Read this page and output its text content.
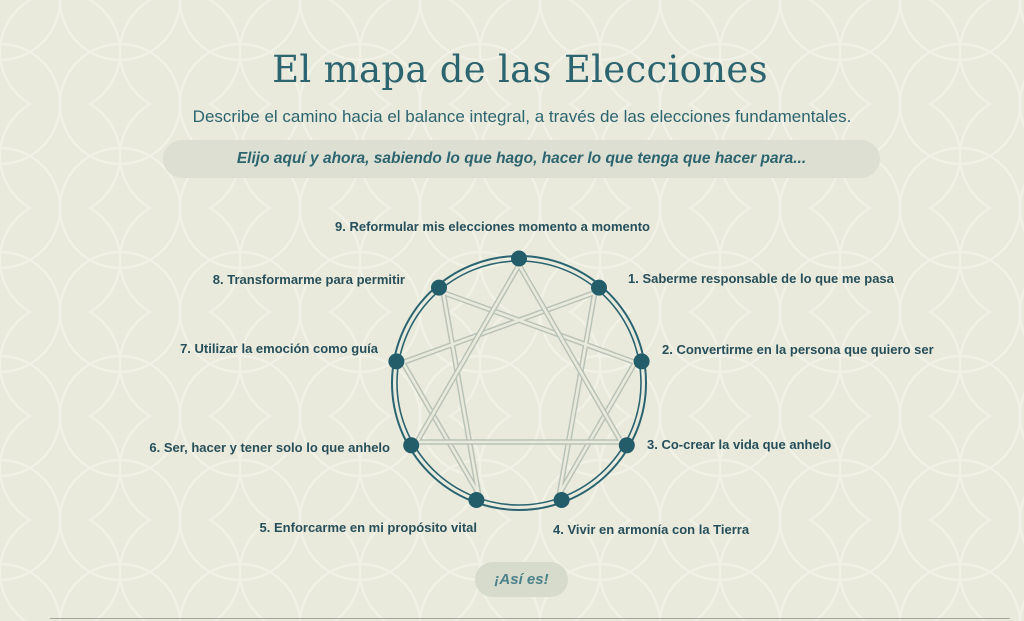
El mapa de las Elecciones

Describe el camino hacia el balance integral, a través de las elecciones fundamentales.

Elijo aquí y ahora, sabiendo lo que hago, hacer lo que tenga que hacer para...
9. Reformular mis elecciones momento a momento
1. Saberme responsable de lo que me pasa
2. Convertirme en la persona que quiero ser
3. Co-crear la vida que anhelo
4. Vivir en armonía con la Tierra
5. Enforcarme en mi propósito vital
6. Ser, hacer y tener solo lo que anhelo
7. Utilizar la emoción como guía
8. Transformarme para permitir
¡Así es!
